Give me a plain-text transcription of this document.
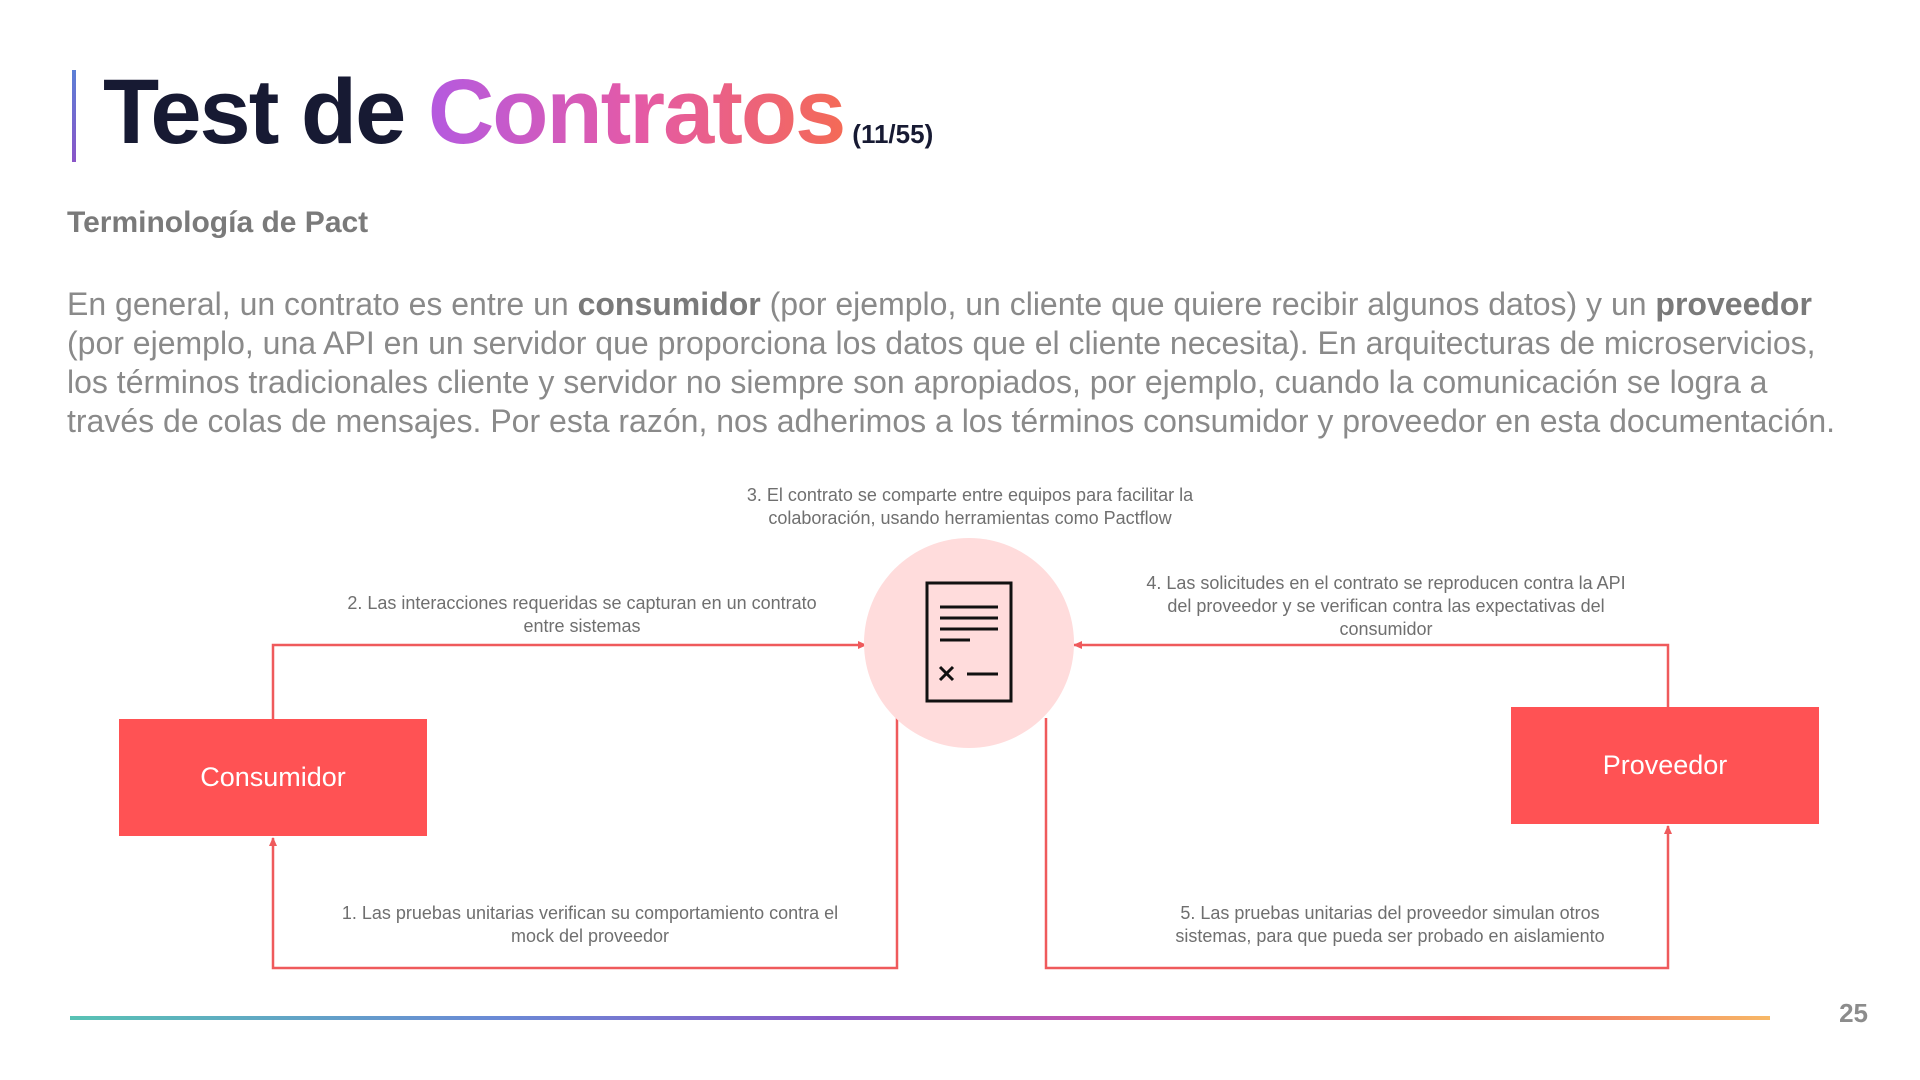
Test de Contratos (11/55)
Terminología de Pact
En general, un contrato es entre un consumidor (por ejemplo, un cliente que quiere recibir algunos datos) y un proveedor (por ejemplo, una API en un servidor que proporciona los datos que el cliente necesita). En arquitecturas de microservicios, los términos tradicionales cliente y servidor no siempre son apropiados, por ejemplo, cuando la comunicación se logra a través de colas de mensajes. Por esta razón, nos adherimos a los términos consumidor y proveedor en esta documentación.
Consumidor	Proveedor
1. Las pruebas unitarias verifican su comportamiento contra el mock del proveedor
2. Las interacciones requeridas se capturan en un contrato entre sistemas
3. El contrato se comparte entre equipos para facilitar la colaboración, usando herramientas como Pactflow
4. Las solicitudes en el contrato se reproducen contra la API del proveedor y se verifican contra las expectativas del consumidor
5. Las pruebas unitarias del proveedor simulan otros sistemas, para que pueda ser probado en aislamiento
25
